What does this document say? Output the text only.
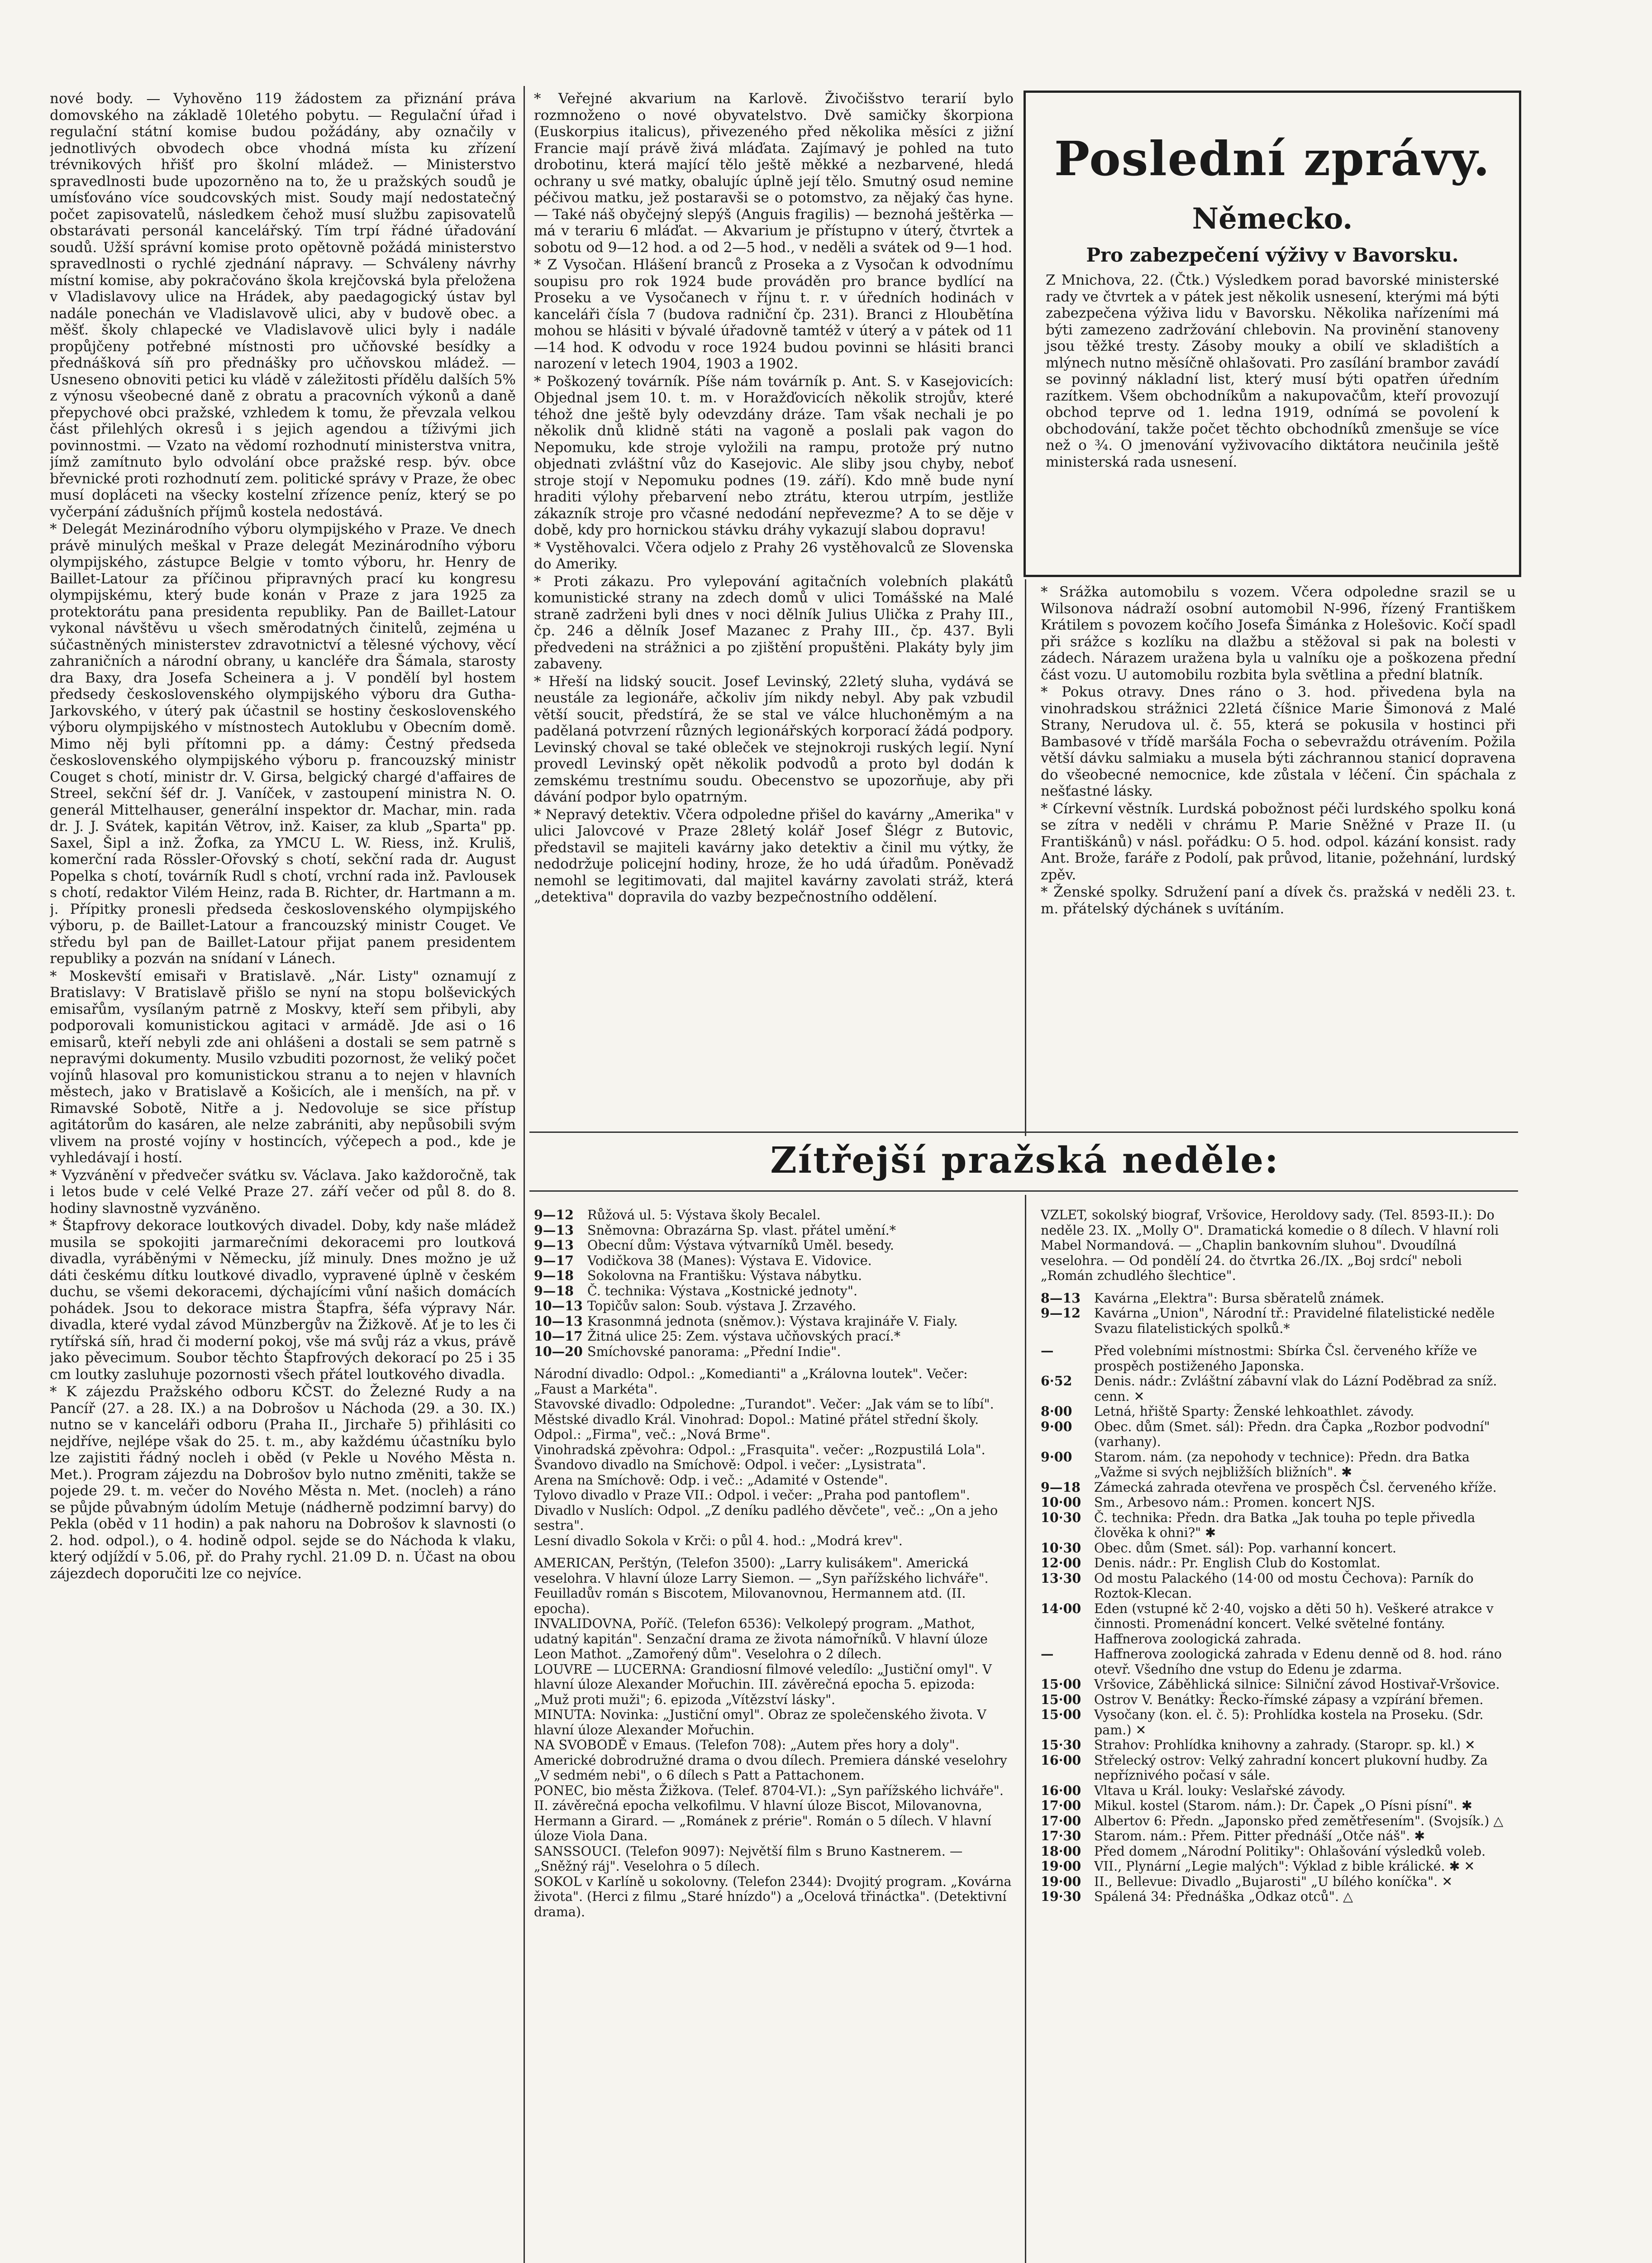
nové body. — Vyhověno 119 žádostem za přiznání práva domovského na základě 10letého pobytu. — Regulační úřad i regulační státní komise budou požádány, aby označily v jednotlivých obvodech obce vhodná místa ku zřízení trévnikových hřišť pro školní mládež. — Ministerstvo spravedlnosti bude upozorněno na to, že u pražských soudů je umísťováno více soudcovských mist. Soudy mají nedostatečný počet zapisovatelů, následkem čehož musí službu zapisovatelů obstarávati personál kancelářský. Tím trpí řádné úřadování soudů. Užší správní komise proto opětovně požádá ministerstvo spravedlnosti o rychlé zjednání nápravy. — Schváleny návrhy místní komise, aby pokračováno škola krejčovská byla přeložena v Vladislavovy ulice na Hrádek, aby paedagogický ústav byl nadále ponechán ve Vladislavově ulici, aby v budově obec. a měšť. školy chlapecké ve Vladislavově ulici byly i nadále propůjčeny potřebné místnosti pro učňovské besídky a přednášková síň pro přednášky pro učňovskou mládež. — Usneseno obnoviti petici ku vládě v záležitosti přídělu dalších 5% z výnosu všeobecné daně z obratu a pracovních výkonů a daně přepychové obci pražské, vzhledem k tomu, že převzala velkou část přilehlých okresů i s jejich agendou a tíživými jich povinnostmi. — Vzato na vědomí rozhodnutí ministerstva vnitra, jímž zamítnuto bylo odvolání obce pražské resp. býv. obce břevnické proti rozhodnutí zem. politické správy v Praze, že obec musí dopláceti na všecky kostelní zřízence peníz, který se po vyčerpání zádušních příjmů kostela nedostává.

* Delegát Mezinárodního výboru olympijského v Praze. Ve dnech právě minulých meškal v Praze delegát Mezinárodního výboru olympijského, zástupce Belgie v tomto výboru, hr. Henry de Baillet-Latour za příčinou připravných prací ku kongresu olympijskému, který bude konán v Praze z jara 1925 za protektorátu pana presidenta republiky. Pan de Baillet-Latour vykonal návštěvu u všech směrodatných činitelů, zejména u súčastněných ministerstev zdravotnictví a tělesné výchovy, věcí zahraničních a národní obrany, u kancléře dra Šámala, starosty dra Baxy, dra Josefa Scheinera a j. V pondělí byl hostem předsedy československého olympijského výboru dra Gutha-Jarkovského, v úterý pak účastnil se hostiny československého výboru olympijského v místnostech Autoklubu v Obecním domě. Mimo něj byli přítomni pp. a dámy: Čestný předseda československého olympijského výboru p. francouzský ministr Couget s chotí, ministr dr. V. Girsa, belgický chargé d'affaires de Streel, sekční šéf dr. J. Vaníček, v zastoupení ministra N. O. generál Mittelhauser, generální inspektor dr. Machar, min. rada dr. J. J. Svátek, kapitán Větrov, inž. Kaiser, za klub „Sparta" pp. Saxel, Šipl a inž. Žofka, za YMCU L. W. Riess, inž. Kruliš, komerční rada Rössler-Ořovský s chotí, sekční rada dr. August Popelka s chotí, továrník Rudl s chotí, vrchní rada inž. Pavlousek s chotí, redaktor Vilém Heinz, rada B. Richter, dr. Hartmann a m. j. Přípitky pronesli předseda československého olympijského výboru, p. de Baillet-Latour a francouzský ministr Couget. Ve středu byl pan de Baillet-Latour přijat panem presidentem republiky a pozván na snídaní v Lánech.

* Moskevští emisaři v Bratislavě. „Nár. Listy" oznamují z Bratislavy: V Bratislavě přišlo se nyní na stopu bolševických emisařům, vysílaným patrně z Moskvy, kteří sem přibyli, aby podporovali komunistickou agitaci v armádě. Jde asi o 16 emisarů, kteří nebyli zde ani ohlášeni a dostali se sem patrně s nepravými dokumenty. Musilo vzbuditi pozornost, že veliký počet vojínů hlasoval pro komunistickou stranu a to nejen v hlavních městech, jako v Bratislavě a Košicích, ale i menších, na př. v Rimavské Sobotě, Nitře a j. Nedovoluje se sice přístup agitátorům do kasáren, ale nelze zabrániti, aby nepůsobili svým vlivem na prosté vojíny v hostincích, výčepech a pod., kde je vyhledávají i hostí.

* Vyzvánění v předvečer svátku sv. Václava. Jako každoročně, tak i letos bude v celé Velké Praze 27. září večer od půl 8. do 8. hodiny slavnostně vyzváněno.

* Štapfrovy dekorace loutkových divadel. Doby, kdy naše mládež musila se spokojiti jarmarečními dekoracemi pro loutková divadla, vyráběnými v Německu, jíž minuly. Dnes možno je už dáti českému dítku loutkové divadlo, vypravené úplně v českém duchu, se všemi dekoracemi, dýchajícími vůní našich domácích pohádek. Jsou to dekorace mistra Štapfra, šéfa výpravy Nár. divadla, které vydal závod Münzbergův na Žižkově. Ať je to les či rytířská síň, hrad či moderní pokoj, vše má svůj ráz a vkus, právě jako pěvecimum. Soubor těchto Štapfrových dekorací po 25 i 35 cm loutky zasluhuje pozornosti všech přátel loutkového divadla.

* K zájezdu Pražského odboru KČST. do Železné Rudy a na Pancíř (27. a 28. IX.) a na Dobrošov u Náchoda (29. a 30. IX.) nutno se v kanceláři odboru (Praha II., Jirchaře 5) přihlásiti co nejdříve, nejlépe však do 25. t. m., aby každému účastníku bylo lze zajistiti řádný nocleh i oběd (v Pekle u Nového Města n. Met.). Program zájezdu na Dobrošov bylo nutno změniti, takže se pojede 29. t. m. večer do Nového Města n. Met. (nocleh) a ráno se půjde půvabným údolím Metuje (nádherně podzimní barvy) do Pekla (oběd v 11 hodin) a pak nahoru na Dobrošov k slavnosti (o 2. hod. odpol.), o 4. hodině odpol. sejde se do Náchoda k vlaku, který odjíždí v 5.06, př. do Prahy rychl. 21.09 D. n. Účast na obou zájezdech doporučiti lze co nejvíce.

* Veřejné akvarium na Karlově. Živočišstvo terarií bylo rozmnoženo o nové obyvatelstvo. Dvě samičky škorpiona (Euskorpius italicus), přivezeného před několika měsíci z jižní Francie mají právě živá mláďata. Zajímavý je pohled na tuto drobotinu, která mající tělo ještě měkké a nezbarvené, hledá ochrany u své matky, obalujíc úplně její tělo. Smutný osud nemine péčivou matku, jež postaravši se o potomstvo, za nějaký čas hyne. — Také náš obyčejný slepýš (Anguis fragilis) — beznohá ještěrka — má v terariu 6 mláďat. — Akvarium je přístupno v úterý, čtvrtek a sobotu od 9—12 hod. a od 2—5 hod., v neděli a svátek od 9—1 hod.

* Z Vysočan. Hlášení branců z Proseka a z Vysočan k odvodnímu soupisu pro rok 1924 bude prováděn pro brance bydlící na Proseku a ve Vysočanech v říjnu t. r. v úředních hodinách v kanceláři čísla 7 (budova radniční čp. 231). Branci z Hloubětína mohou se hlásiti v bývalé úřadovně tamtéž v úterý a v pátek od 11—14 hod. K odvodu v roce 1924 budou povinni se hlásiti branci narození v letech 1904, 1903 a 1902.

* Poškozený továrník. Píše nám továrník p. Ant. S. v Kasejovicích: Objednal jsem 10. t. m. v Horažďovicích několik strojův, které téhož dne ještě byly odevzdány dráze. Tam však nechali je po několik dnů klidně státi na vagoně a poslali pak vagon do Nepomuku, kde stroje vyložili na rampu, protože prý nutno objednati zvláštní vůz do Kasejovic. Ale sliby jsou chyby, neboť stroje stojí v Nepomuku podnes (19. září). Kdo mně bude nyní hraditi výlohy přebarvení nebo ztrátu, kterou utrpím, jestliže zákazník stroje pro včasné nedodání nepřevezme? A to se děje v době, kdy pro hornickou stávku dráhy vykazují slabou dopravu!

* Vystěhovalci. Včera odjelo z Prahy 26 vystěhovalců ze Slovenska do Ameriky.

* Proti zákazu. Pro vylepování agitačních volebních plakátů komunistické strany na zdech domů v ulici Tomášské na Malé straně zadrženi byli dnes v noci dělník Julius Ulička z Prahy III., čp. 246 a dělník Josef Mazanec z Prahy III., čp. 437. Byli předvedeni na strážnici a po zjištění propuštěni. Plakáty byly jim zabaveny.

* Hřeší na lidský soucit. Josef Levinský, 22letý sluha, vydává se neustále za legionáře, ačkoliv jím nikdy nebyl. Aby pak vzbudil větší soucit, předstírá, že se stal ve válce hluchoněmým a na padělaná potvrzení různých legionářských korporací žádá podpory. Levinský choval se také obleček ve stejnokroji ruských legií. Nyní provedl Levinský opět několik podvodů a proto byl dodán k zemskému trestnímu soudu. Obecenstvo se upozorňuje, aby při dávání podpor bylo opatrným.

* Nepravý detektiv. Včera odpoledne přišel do kavárny „Amerika" v ulici Jalovcové v Praze 28letý kolář Josef Šlégr z Butovic, představil se majiteli kavárny jako detektiv a činil mu výtky, že nedodržuje policejní hodiny, hroze, že ho udá úřadům. Poněvadž nemohl se legitimovati, dal majitel kavárny zavolati stráž, která „detektiva" dopravila do vazby bezpečnostního oddělení.

Poslední zprávy.
Německo.
Pro zabezpečení výživy v Bavorsku.

Z Mnichova, 22. (Čtk.) Výsledkem porad bavorské ministerské rady ve čtvrtek a v pátek jest několik usnesení, kterými má býti zabezpečena výživa lidu v Bavorsku. Několika nařízeními má býti zamezeno zadržování chlebovin. Na provinění stanoveny jsou těžké tresty. Zásoby mouky a obilí ve skladištích a mlýnech nutno měsíčně ohlašovati. Pro zasílání brambor zavádí se povinný nákladní list, který musí býti opatřen úředním razítkem. Všem obchodníkům a nakupovačům, kteří provozují obchod teprve od 1. ledna 1919, odnímá se povolení k obchodování, takže počet těchto obchodníků zmenšuje se více než o ¾. O jmenování vyživovacího diktátora neučinila ještě ministerská rada usnesení.

* Srážka automobilu s vozem. Včera odpoledne srazil se u Wilsonova nádraží osobní automobil N-996, řízený Františkem Krátilem s povozem kočího Josefa Šimánka z Holešovic. Kočí spadl při srážce s kozlíku na dlažbu a stěžoval si pak na bolesti v zádech. Nárazem uražena byla u valníku oje a poškozena přední část vozu. U automobilu rozbita byla světlina a přední blatník.

* Pokus otravy. Dnes ráno o 3. hod. přivedena byla na vinohradskou strážnici 22letá číšnice Marie Šimonová z Malé Strany, Nerudova ul. č. 55, která se pokusila v hostinci při Bambasové v třídě maršála Focha o sebevraždu otrávením. Požila větší dávku salmiaku a musela býti záchrannou stanicí dopravena do všeobecné nemocnice, kde zůstala v léčení. Čin spáchala z nešťastné lásky.

* Církevní věstník. Lurdská pobožnost péči lurdského spolku koná se zítra v neděli v chrámu P. Marie Sněžné v Praze II. (u Františkánů) v násl. pořádku: O 5. hod. odpol. kázání konsist. rady Ant. Brože, faráře z Podolí, pak průvod, litanie, požehnání, lurdský zpěv.

* Ženské spolky. Sdružení paní a dívek čs. pražská v neděli 23. t. m. přátelský dýchánek s uvítáním.

Zítřejší pražská neděle:
9—12	Růžová ul. 5: Výstava školy Becalel.
9—13	Sněmovna: Obrazárna Sp. vlast. přátel umění.*
9—13	Obecní dům: Výstava výtvarníků Uměl. besedy.
9—17	Vodičkova 38 (Manes): Výstava E. Vidovice.
9—18	Sokolovna na Františku: Výstava nábytku.
9—18	Č. technika: Výstava „Kostnické jednoty".
10—13 Topičův salon: Soub. výstava J. Zrzavého.
10—13 Krasonmná jednota (sněmov.): Výstava krajináře V. Fialy.
10—17 Žitná ulice 25: Zem. výstava učňovských prací.*
10—20 Smíchovské panorama: „Přední Indie".
Národní divadlo: Odpol.: „Komedianti" a „Královna loutek". Večer: „Faust a Markéta".
Stavovské divadlo: Odpoledne: „Turandot". Večer: „Jak vám se to líbí".
Městské divadlo Král. Vinohrad: Dopol.: Matiné přátel střední školy. Odpol.: „Firma", več.: „Nová Brme".
Vinohradská zpěvohra: Odpol.: „Frasquita". večer: „Rozpustilá Lola".
Švandovo divadlo na Smíchově: Odpol. i večer: „Lysistrata".
Arena na Smíchově: Odp. i več.: „Adamité v Ostende".
Tylovo divadlo v Praze VII.: Odpol. i večer: „Praha pod pantoflem".
Divadlo v Nuslích: Odpol. „Z deníku padlého děvčete", več.: „On a jeho sestra".
Lesní divadlo Sokola v Krči: o půl 4. hod.: „Modrá krev".
AMERICAN, Perštýn, (Telefon 3500): „Larry kulisákem". Americká veselohra. V hlavní úloze Larry Siemon. — „Syn pařížského lichváře". Feuilladův román s Biscotem, Milovanovnou, Hermannem atd. (II. epocha).
INVALIDOVNA, Poříč. (Telefon 6536): Velkolepý program. „Mathot, udatný kapitán". Senzační drama ze života námořníků. V hlavní úloze Leon Mathot. „Zamořený dům". Veselohra o 2 dílech.
LOUVRE — LUCERNA: Grandiosní filmové veledílo: „Justiční omyl". V hlavní úloze Alexander Mořuchin. III. závěrečná epocha 5. epizoda: „Muž proti muži"; 6. epizoda „Vítězství lásky".
MINUTA: Novinka: „Justiční omyl". Obraz ze společenského života. V hlavní úloze Alexander Mořuchin.
NA SVOBODĚ v Emaus. (Telefon 708): „Autem přes hory a doly". Americké dobrodružné drama o dvou dílech. Premiera dánské veselohry „V sedmém nebi", o 6 dílech s Patt a Pattachonem.
PONEC, bio města Žižkova. (Telef. 8704-VI.): „Syn pařížského lichváře". II. závěrečná epocha velkofilmu. V hlavní úloze Biscot, Milovanovna, Hermann a Girard. — „Románek z prérie". Román o 5 dílech. V hlavní úloze Viola Dana.
SANSSOUCI. (Telefon 9097): Největší film s Bruno Kastnerem. — „Sněžný ráj". Veselohra o 5 dílech.
SOKOL v Karlíně u sokolovny. (Telefon 2344): Dvojitý program. „Kovárna života". (Herci z filmu „Staré hnízdo") a „Ocelová třináctka". (Detektivní drama).
VZLET, sokolský biograf, Vršovice, Heroldovy sady. (Tel. 8593-II.): Do neděle 23. IX. „Molly O". Dramatická komedie o 8 dílech. V hlavní roli Mabel Normandová. — „Chaplin bankovním sluhou". Dvoudílná veselohra. — Od pondělí 24. do čtvrtka 26./IX. „Boj srdcí" neboli „Román zchudlého šlechtice".
8—13	Kavárna „Elektra": Bursa sběratelů známek.
9—12	Kavárna „Union", Národní tř.: Pravidelné filatelistické neděle Svazu filatelistických spolků.*
—	Před volebními místnostmi: Sbírka Čsl. červeného kříže ve prospěch postiženého Japonska.
6·52	Denis. nádr.: Zvláštní zábavní vlak do Lázní Poděbrad za sníž. cenn. ✕
8·00	Letná, hřiště Sparty: Ženské lehkoathlet. závody.
9·00	Obec. dům (Smet. sál): Předn. dra Čapka „Rozbor podvodní" (varhany).
9·00	Starom. nám. (za nepohody v technice): Předn. dra Batka „Važme si svých nejbližších bližních". ✱
9—18	Zámecká zahrada otevřena ve prospěch Čsl. červeného kříže.
10·00	Sm., Arbesovo nám.: Promen. koncert NJS.
10·30	Č. technika: Předn. dra Batka „Jak touha po teple přivedla člověka k ohni?" ✱
10·30	Obec. dům (Smet. sál): Pop. varhanní koncert.
12·00	Denis. nádr.: Pr. English Club do Kostomlat.
13·30	Od mostu Palackého (14·00 od mostu Čechova): Parník do Roztok-Klecan.
14·00	Eden (vstupné kč 2·40, vojsko a děti 50 h). Veškeré atrakce v činnosti. Promenádní koncert. Velké světelné fontány. Haffnerova zoologická zahrada.
—	Haffnerova zoologická zahrada v Edenu denně od 8. hod. ráno otevř. Všedního dne vstup do Edenu je zdarma.
15·00	Vršovice, Záběhlická silnice: Silniční závod Hostivař-Vršovice.
15·00	Ostrov V. Benátky: Řecko-římské zápasy a vzpírání břemen.
15·00	Vysočany (kon. el. č. 5): Prohlídka kostela na Proseku. (Sdr. pam.) ✕
15·30	Strahov: Prohlídka knihovny a zahrady. (Staropr. sp. kl.) ✕
16·00	Střelecký ostrov: Velký zahradní koncert plukovní hudby. Za nepříznivého počasí v sále.
16·00	Vltava u Král. louky: Veslařské závody.
17·00	Mikul. kostel (Starom. nám.): Dr. Čapek „O Písni písní". ✱
17·00	Albertov 6: Předn. „Japonsko před zemětřesením". (Svojsík.) △
17·30	Starom. nám.: Přem. Pitter přednáší „Otče náš". ✱
18·00	Před domem „Národní Politiky": Ohlašování výsledků voleb.
19·00	VII., Plynární „Legie malých": Výklad z bible králické. ✱ ✕
19·00	II., Bellevue: Divadlo „Bujarosti" „U bílého koníčka". ✕
19·30	Spálená 34: Přednáška „Odkaz otců". △
